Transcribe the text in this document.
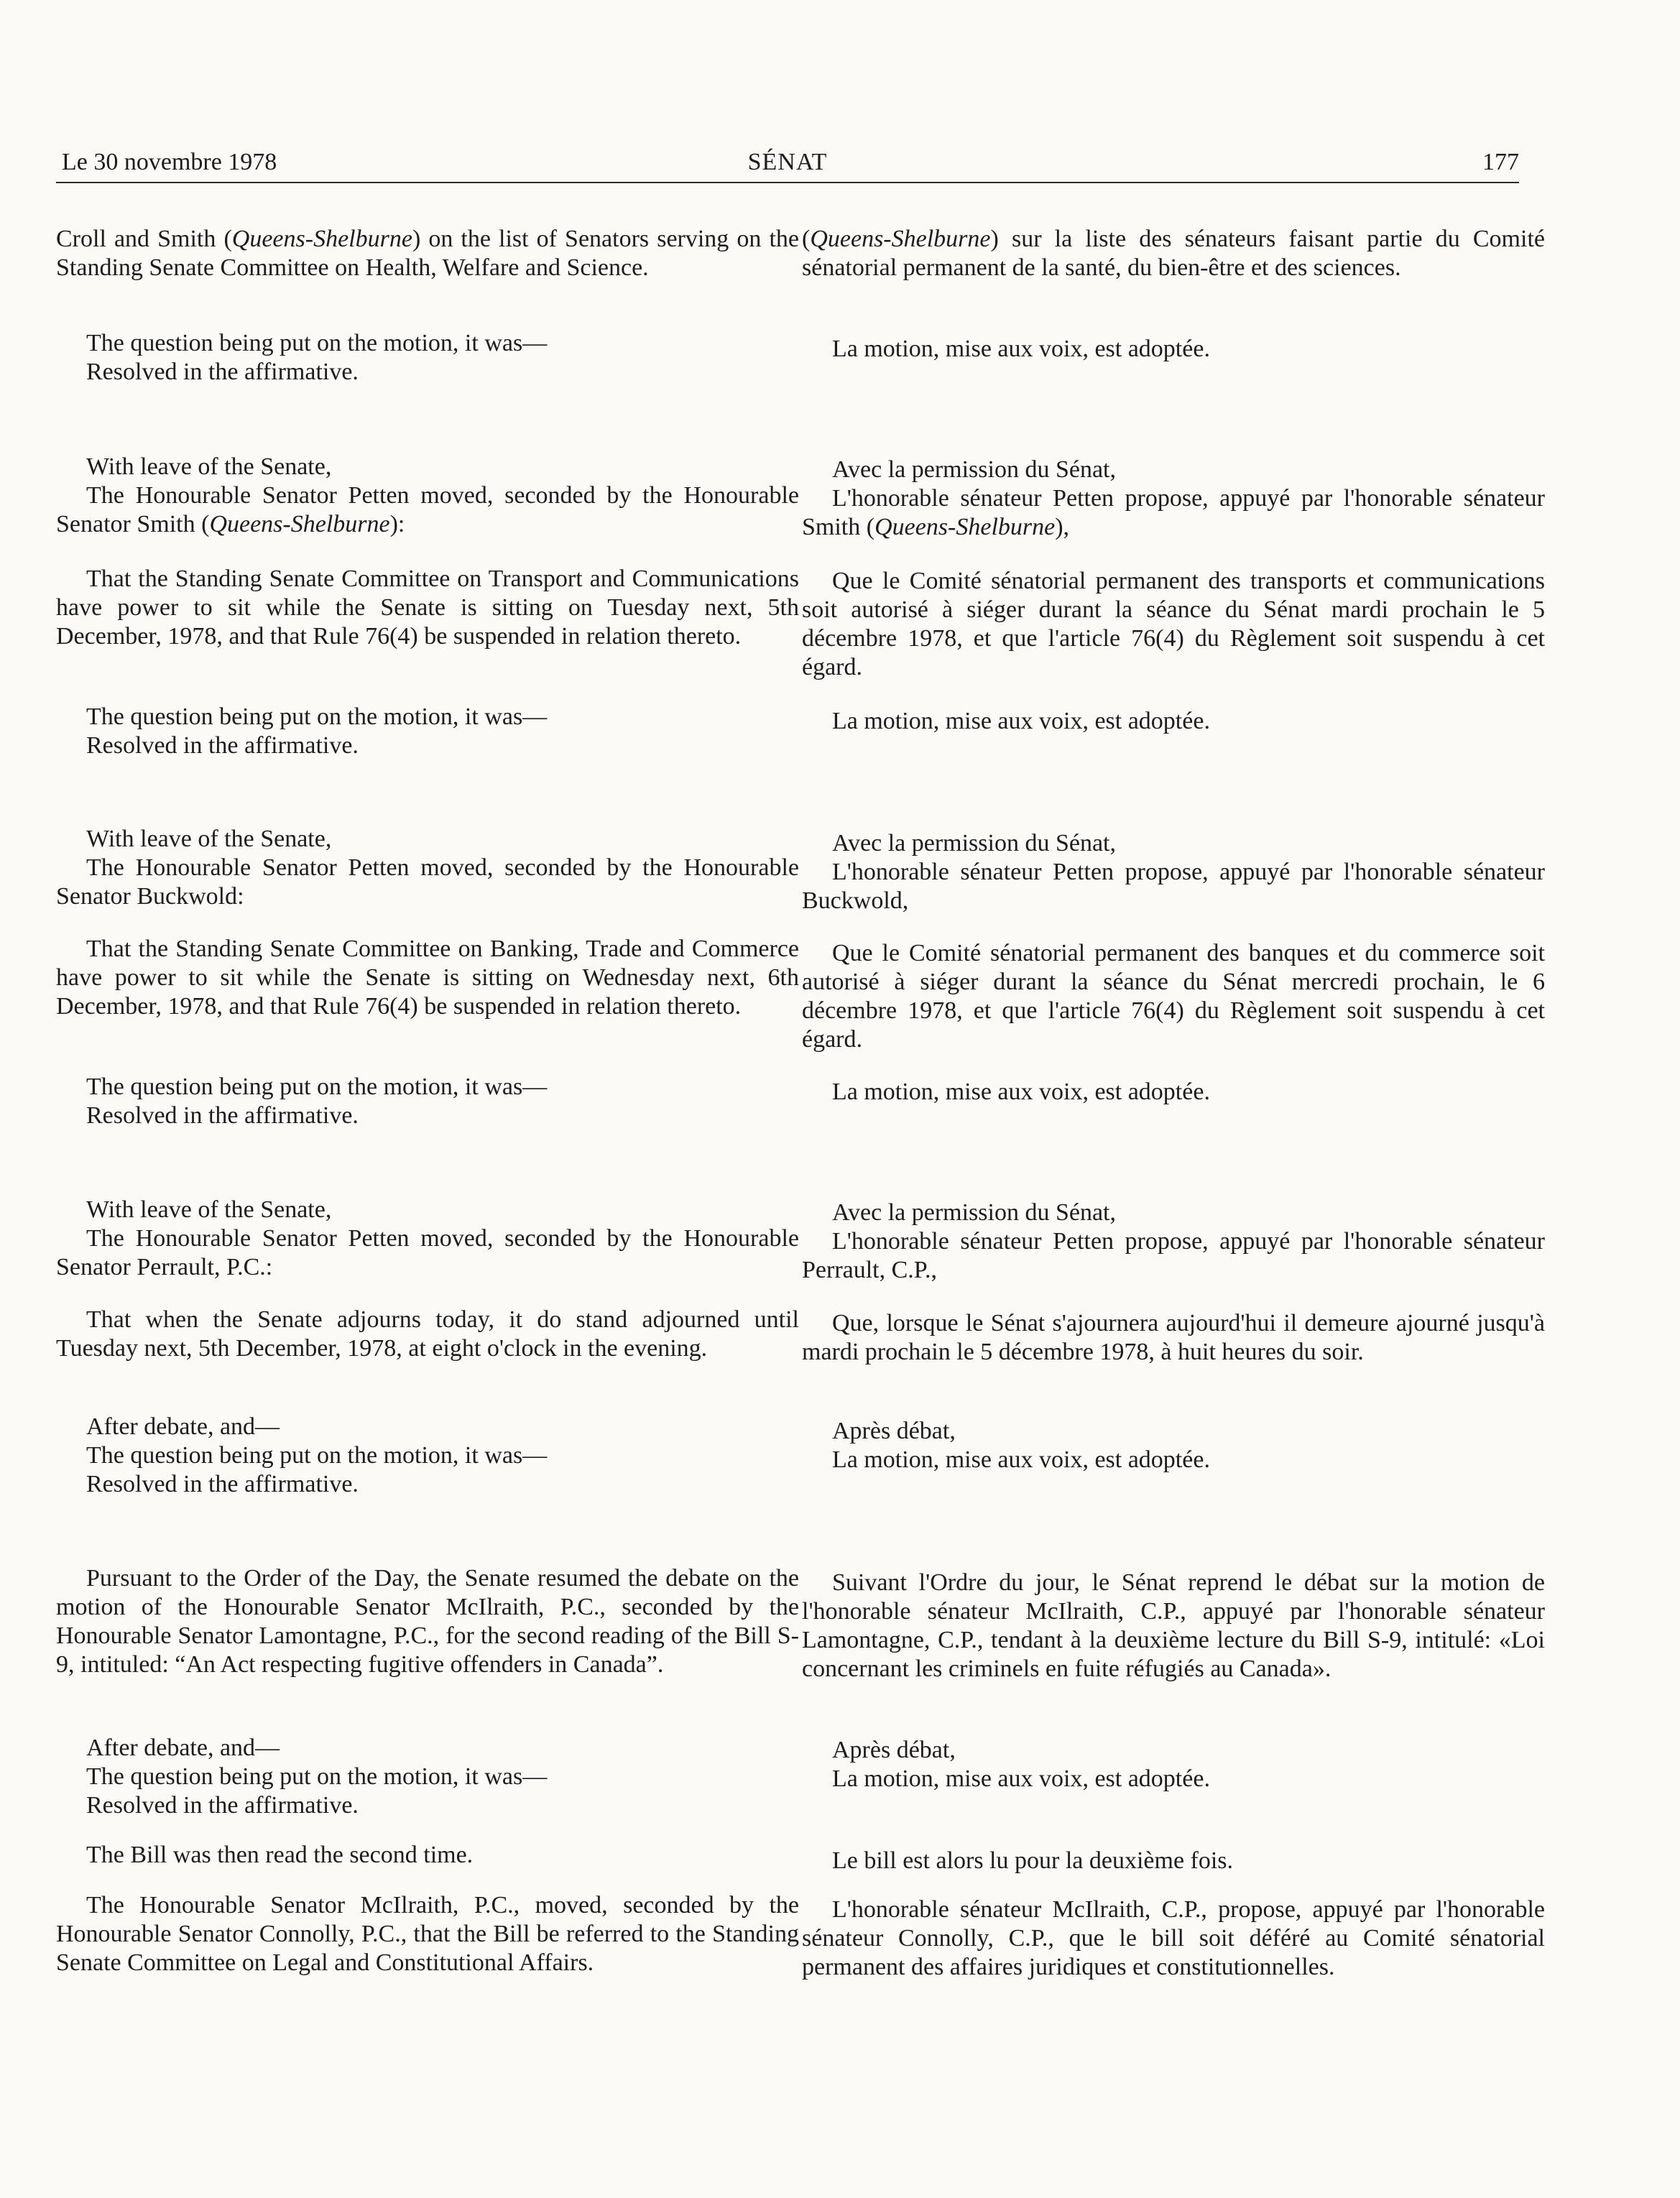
Le 30 novembre 1978	SÉNAT	177

Croll and Smith (Queens-Shelburne) on the list of Senators serving on the Standing Senate Committee on Health, Welfare and Science.

The question being put on the motion, it was—

Resolved in the affirmative.

With leave of the Senate,

The Honourable Senator Petten moved, seconded by the Honourable Senator Smith (Queens-Shelburne):

That the Standing Senate Committee on Transport and Communications have power to sit while the Senate is sitting on Tuesday next, 5th December, 1978, and that Rule 76(4) be suspended in relation thereto.

The question being put on the motion, it was—

Resolved in the affirmative.

With leave of the Senate,

The Honourable Senator Petten moved, seconded by the Honourable Senator Buckwold:

That the Standing Senate Committee on Banking, Trade and Commerce have power to sit while the Senate is sitting on Wednesday next, 6th December, 1978, and that Rule 76(4) be suspended in relation thereto.

The question being put on the motion, it was—

Resolved in the affirmative.

With leave of the Senate,

The Honourable Senator Petten moved, seconded by the Honourable Senator Perrault, P.C.:

That when the Senate adjourns today, it do stand adjourned until Tuesday next, 5th December, 1978, at eight o'clock in the evening.

After debate, and—

The question being put on the motion, it was—

Resolved in the affirmative.

Pursuant to the Order of the Day, the Senate resumed the debate on the motion of the Honourable Senator McIlraith, P.C., seconded by the Honourable Senator Lamontagne, P.C., for the second reading of the Bill S-9, intituled: “An Act respecting fugitive offenders in Canada”.

After debate, and—

The question being put on the motion, it was—

Resolved in the affirmative.

The Bill was then read the second time.

The Honourable Senator McIlraith, P.C., moved, seconded by the Honourable Senator Connolly, P.C., that the Bill be referred to the Standing Senate Committee on Legal and Constitutional Affairs.

(Queens-Shelburne) sur la liste des sénateurs faisant partie du Comité sénatorial permanent de la santé, du bien-être et des sciences.

La motion, mise aux voix, est adoptée.

Avec la permission du Sénat,

L'honorable sénateur Petten propose, appuyé par l'honorable sénateur Smith (Queens-Shelburne),

Que le Comité sénatorial permanent des transports et communications soit autorisé à siéger durant la séance du Sénat mardi prochain le 5 décembre 1978, et que l'article 76(4) du Règlement soit suspendu à cet égard.

La motion, mise aux voix, est adoptée.

Avec la permission du Sénat,

L'honorable sénateur Petten propose, appuyé par l'honorable sénateur Buckwold,

Que le Comité sénatorial permanent des banques et du commerce soit autorisé à siéger durant la séance du Sénat mercredi prochain, le 6 décembre 1978, et que l'article 76(4) du Règlement soit suspendu à cet égard.

La motion, mise aux voix, est adoptée.

Avec la permission du Sénat,

L'honorable sénateur Petten propose, appuyé par l'honorable sénateur Perrault, C.P.,

Que, lorsque le Sénat s'ajournera aujourd'hui il demeure ajourné jusqu'à mardi prochain le 5 décembre 1978, à huit heures du soir.

Après débat,

La motion, mise aux voix, est adoptée.

Suivant l'Ordre du jour, le Sénat reprend le débat sur la motion de l'honorable sénateur McIlraith, C.P., appuyé par l'honorable sénateur Lamontagne, C.P., tendant à la deuxième lecture du Bill S-9, intitulé: «Loi concernant les criminels en fuite réfugiés au Canada».

Après débat,

La motion, mise aux voix, est adoptée.

Le bill est alors lu pour la deuxième fois.

L'honorable sénateur McIlraith, C.P., propose, appuyé par l'honorable sénateur Connolly, C.P., que le bill soit déféré au Comité sénatorial permanent des affaires juridiques et constitutionnelles.
